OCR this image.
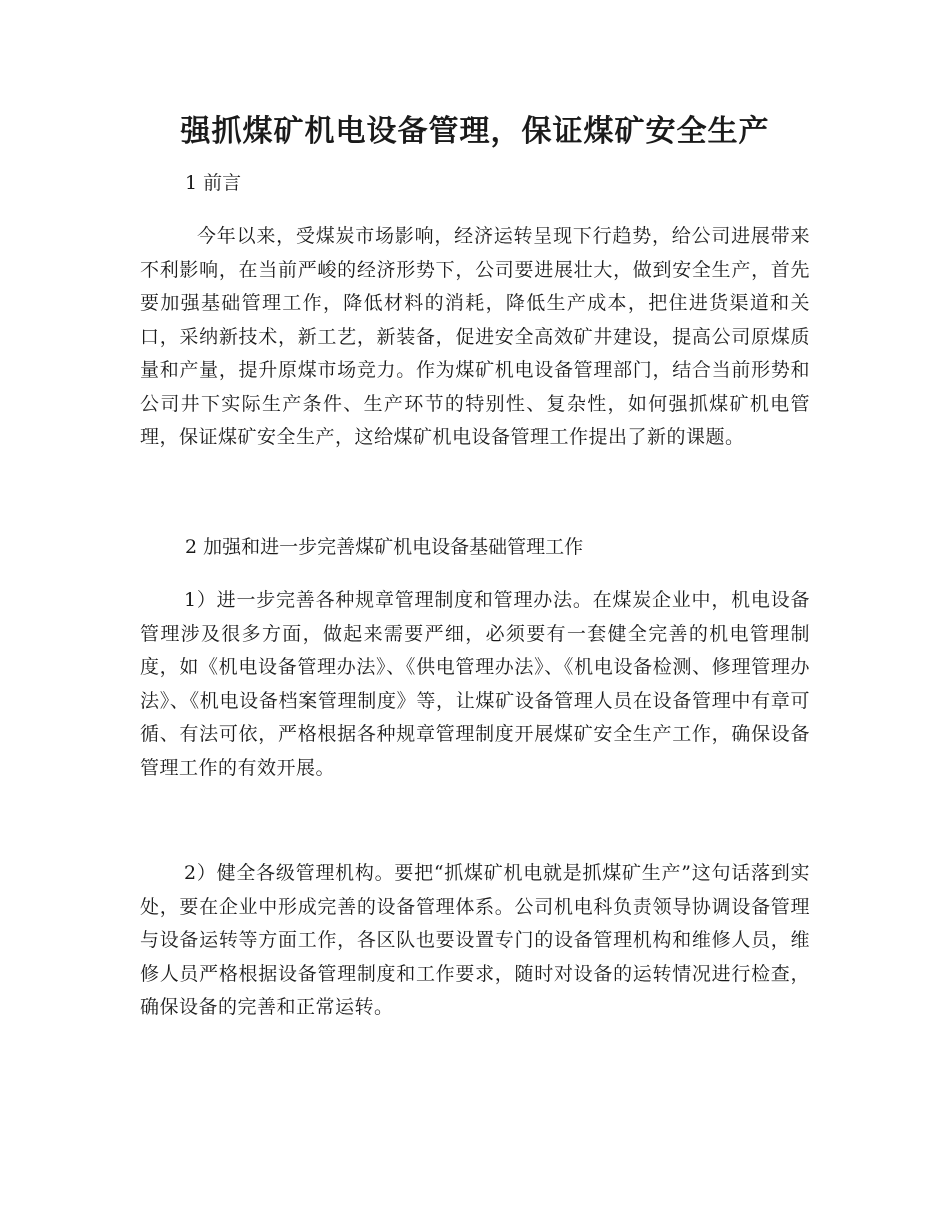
强抓煤矿机电设备管理，保证煤矿安全生产

1 前言

今年以来，受煤炭市场影响，经济运转呈现下行趋势，给公司进展带来不利影响，在当前严峻的经济形势下，公司要进展壮大，做到安全生产，首先要加强基础管理工作，降低材料的消耗，降低生产成本，把住进货渠道和关口，采纳新技术，新工艺，新装备，促进安全高效矿井建设，提高公司原煤质量和产量，提升原煤市场竞力。作为煤矿机电设备管理部门，结合当前形势和公司井下实际生产条件、生产环节的特别性、复杂性，如何强抓煤矿机电管理，保证煤矿安全生产，这给煤矿机电设备管理工作提出了新的课题。

2 加强和进一步完善煤矿机电设备基础管理工作

1）进一步完善各种规章管理制度和管理办法。在煤炭企业中，机电设备管理涉及很多方面，做起来需要严细，必须要有一套健全完善的机电管理制度，如《机电设备管理办法》、《供电管理办法》、《机电设备检测、修理管理办法》、《机电设备档案管理制度》等，让煤矿设备管理人员在设备管理中有章可循、有法可依，严格根据各种规章管理制度开展煤矿安全生产工作，确保设备管理工作的有效开展。

2）健全各级管理机构。要把“抓煤矿机电就是抓煤矿生产”这句话落到实处，要在企业中形成完善的设备管理体系。公司机电科负责领导协调设备管理与设备运转等方面工作，各区队也要设置专门的设备管理机构和维修人员，维修人员严格根据设备管理制度和工作要求，随时对设备的运转情况进行检查，确保设备的完善和正常运转。
